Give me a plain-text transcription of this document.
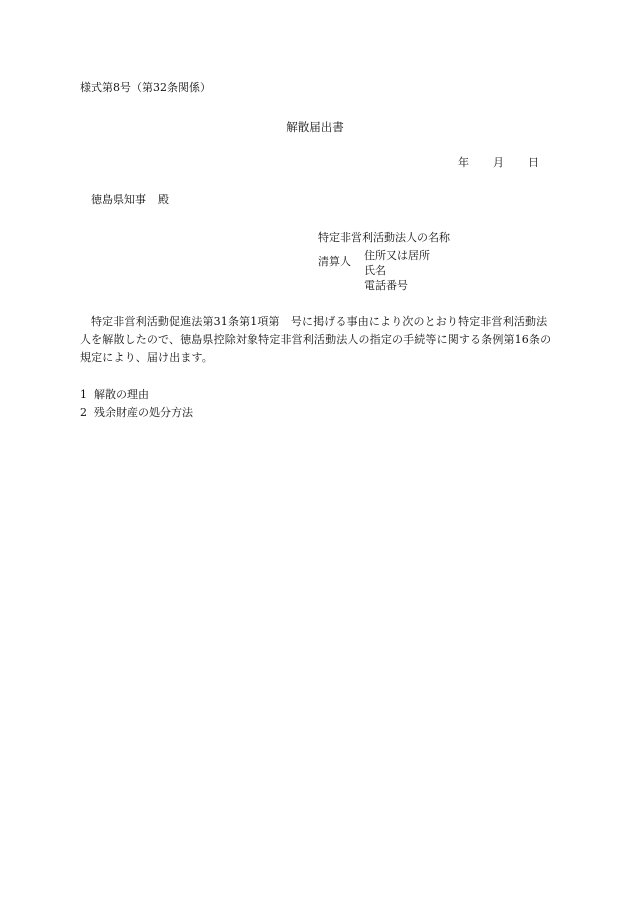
様式第8号（第32条関係）
解散届出書
年 月 日
徳島県知事 殿
特定非営利活動法人の名称
清算人	住所又は居所
氏名
電話番号
特定非営利活動促進法第31条第1項第　号に掲げる事由により次のとおり特定非営利活動法人を解散したので、徳島県控除対象特定非営利活動法人の指定の手続等に関する条例第16条の規定により、届け出ます。
1 解散の理由
2 残余財産の処分方法
